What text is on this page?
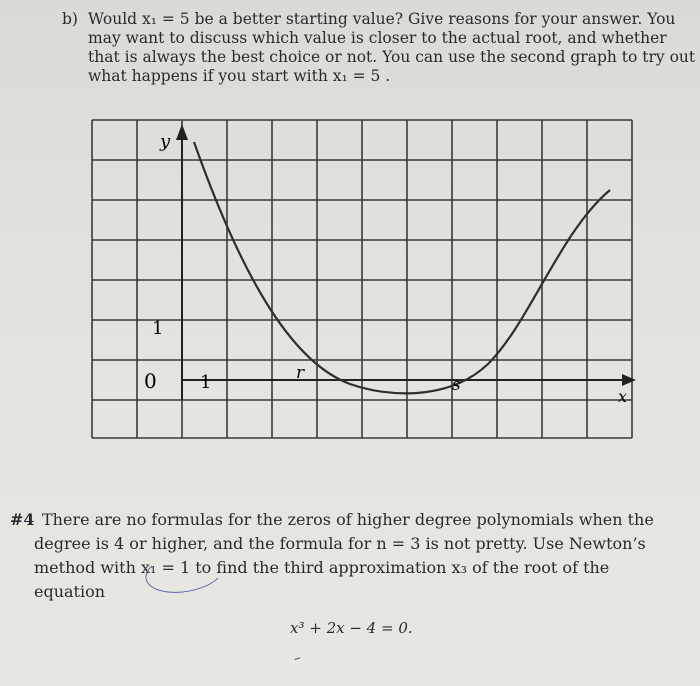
b) Would x₁ = 5 be a better starting value? Give reasons for your answer. You
may want to discuss which value is closer to the actual root, and whether
that is always the best choice or not. You can use the second graph to try out
what happens if you start with x₁ = 5 .
y
x
0
1
1	r
s
#4 There are no formulas for the zeros of higher degree polynomials when the
degree is 4 or higher, and the formula for n = 3 is not pretty. Use Newton’s
method with x₁ = 1 to find the third approximation x₃ of the root of the
equation
x³ + 2x − 4 = 0.
